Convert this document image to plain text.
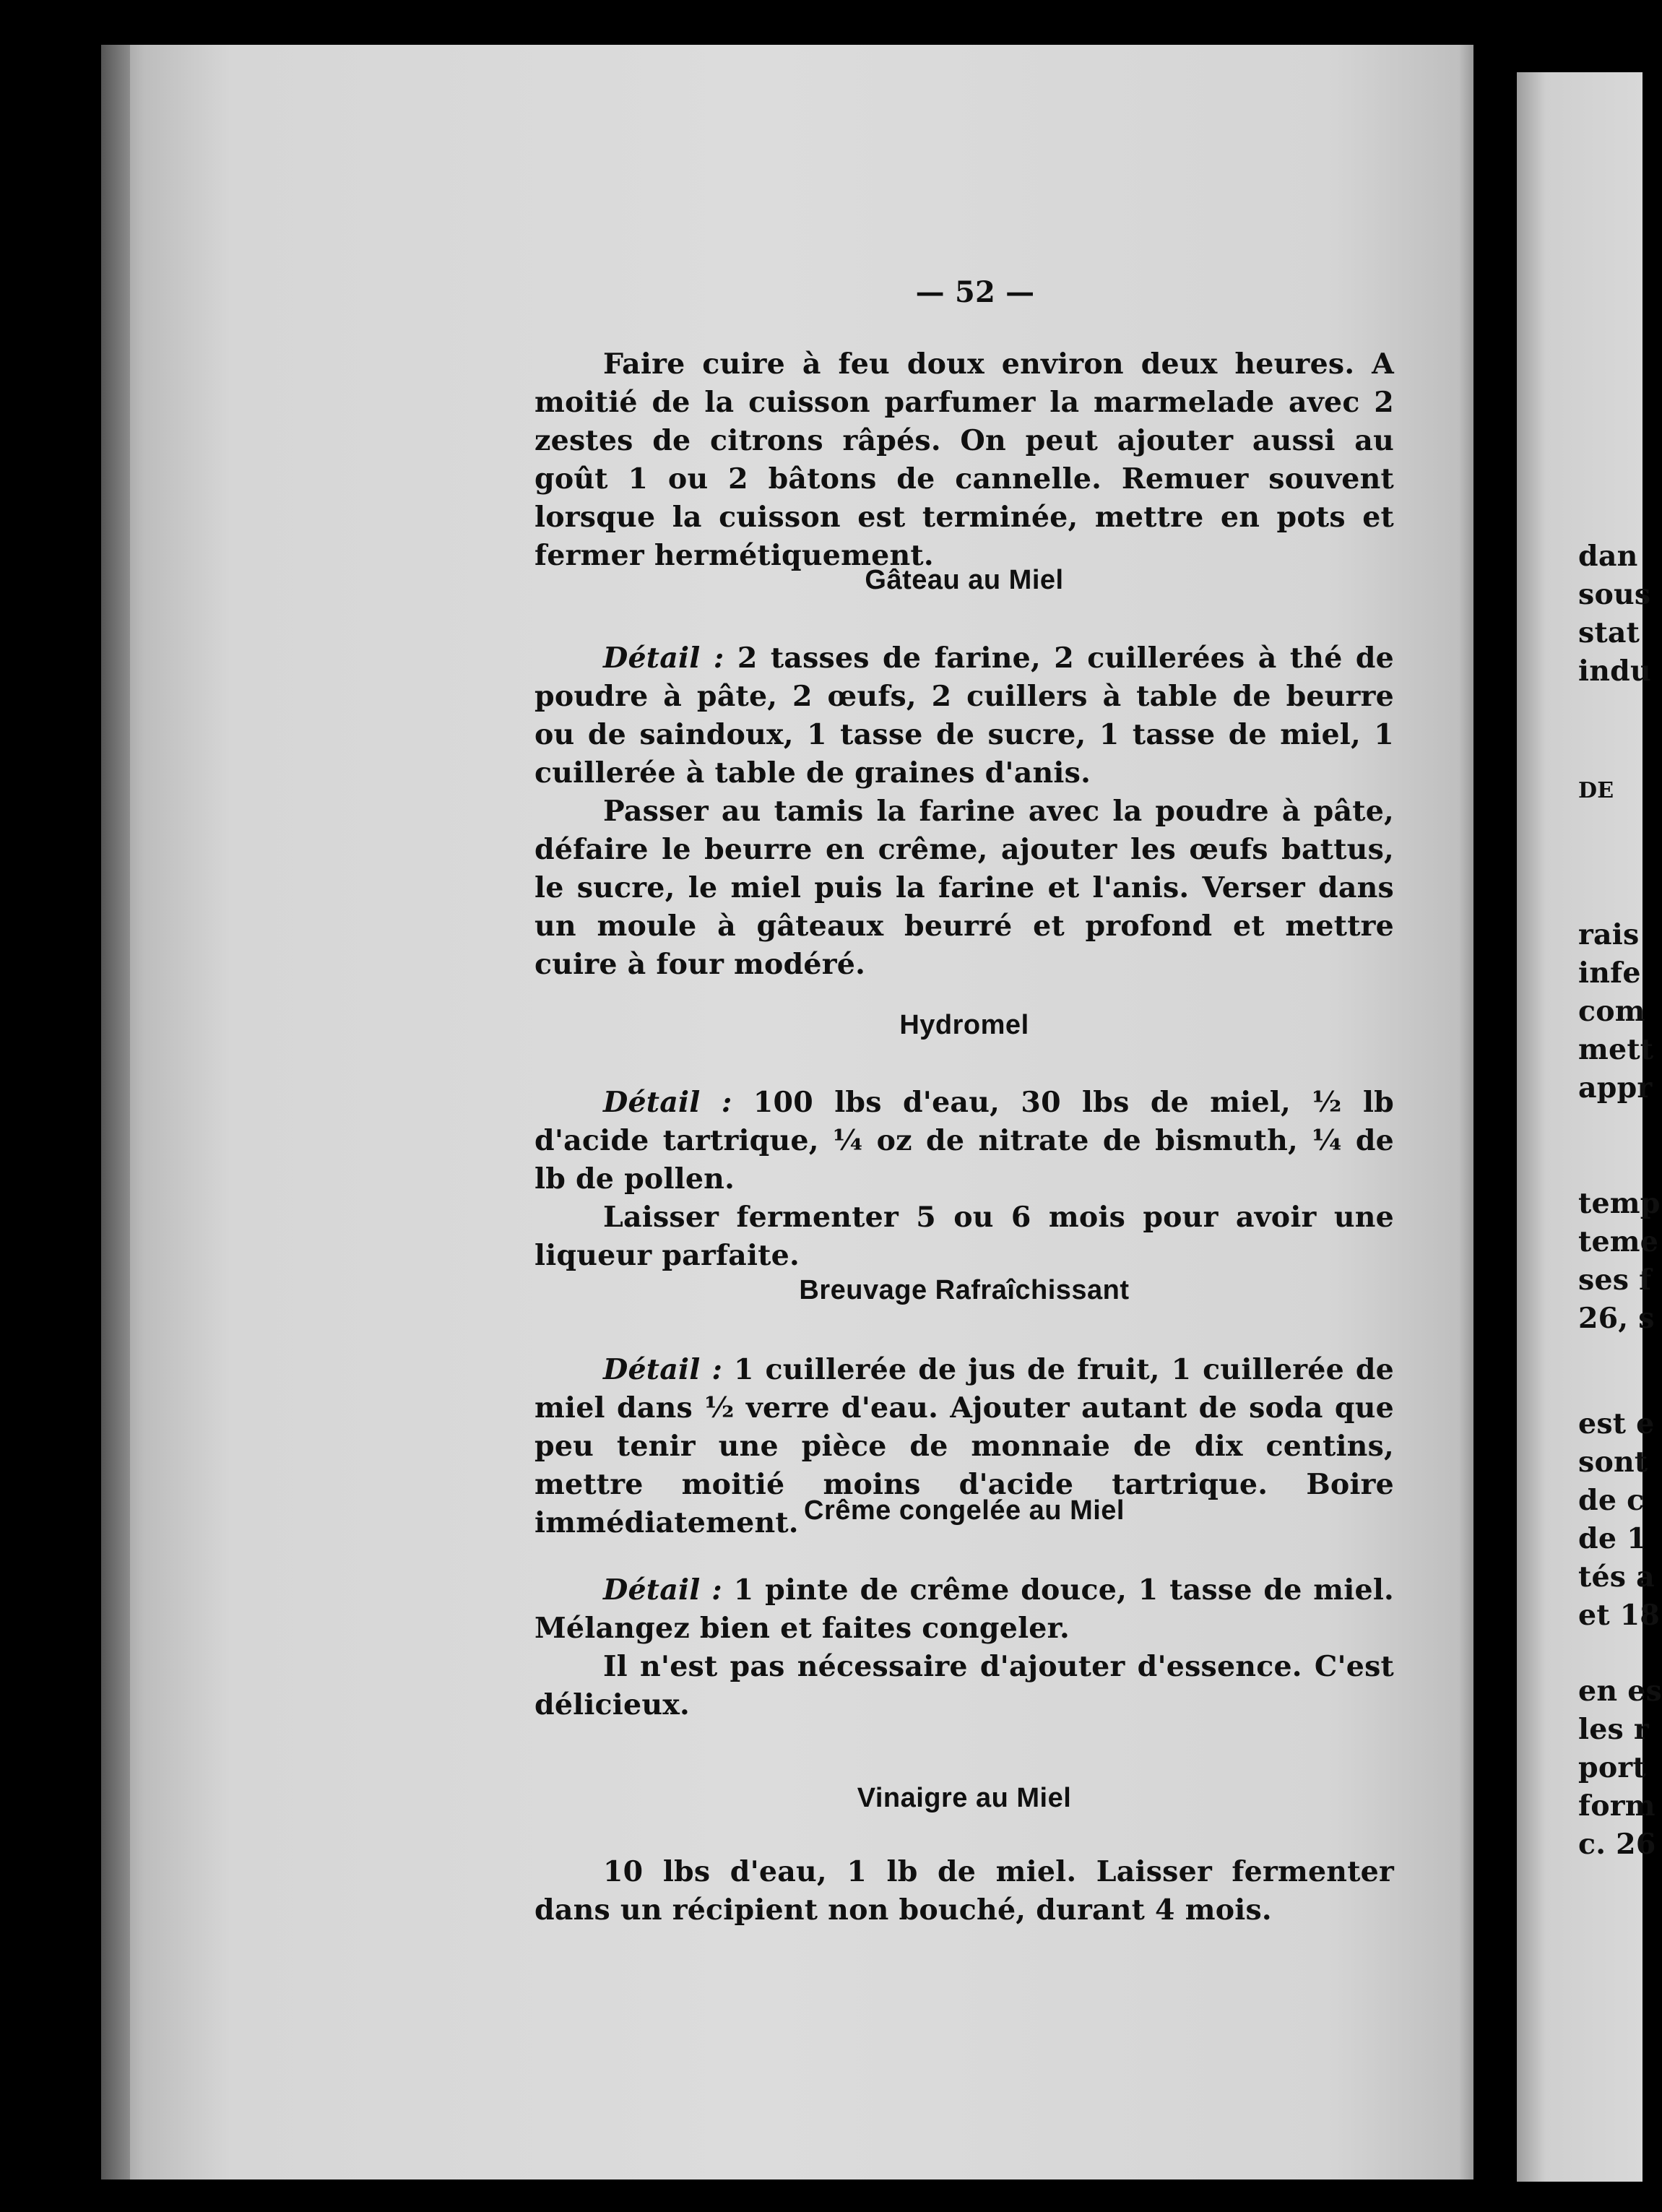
— 52 —

Faire cuire à feu doux environ deux heures. A moitié de la cuisson parfumer la marmelade avec 2 zestes de citrons râpés. On peut ajouter aussi au goût 1 ou 2 bâtons de cannelle. Remuer souvent lorsque la cuisson est terminée, mettre en pots et fermer hermétiquement.

Gâteau au Miel

Détail : 2 tasses de farine, 2 cuillerées à thé de poudre à pâte, 2 œufs, 2 cuillers à table de beurre ou de saindoux, 1 tasse de sucre, 1 tasse de miel, 1 cuillerée à table de graines d'anis.

Passer au tamis la farine avec la poudre à pâte, défaire le beurre en crême, ajouter les œufs battus, le sucre, le miel puis la farine et l'anis. Verser dans un moule à gâteaux beurré et profond et mettre cuire à four modéré.

Hydromel

Détail : 100 lbs d'eau, 30 lbs de miel, ½ lb d'acide tartrique, ¼ oz de nitrate de bismuth, ¼ de lb de pollen.

Laisser fermenter 5 ou 6 mois pour avoir une liqueur parfaite.

Breuvage Rafraîchissant

Détail : 1 cuillerée de jus de fruit, 1 cuillerée de miel dans ½ verre d'eau. Ajouter autant de soda que peu tenir une pièce de monnaie de dix centins, mettre moitié moins d'acide tartrique. Boire immédiatement. Crême congelée au Miel

Détail : 1 pinte de crême douce, 1 tasse de miel. Mélangez bien et faites congeler.

Il n'est pas nécessaire d'ajouter d'essence. C'est délicieux.

Vinaigre au Miel

10 lbs d'eau, 1 lb de miel. Laisser fermenter dans un récipient non bouché, durant 4 mois.

dan
sous
stat
indu
DE
rais
infe
com
mett
appr
temp
teme
ses f
26, s
est e
sont
de c
de 1
tés a
et 18
en es
les r
port
form
c. 26
